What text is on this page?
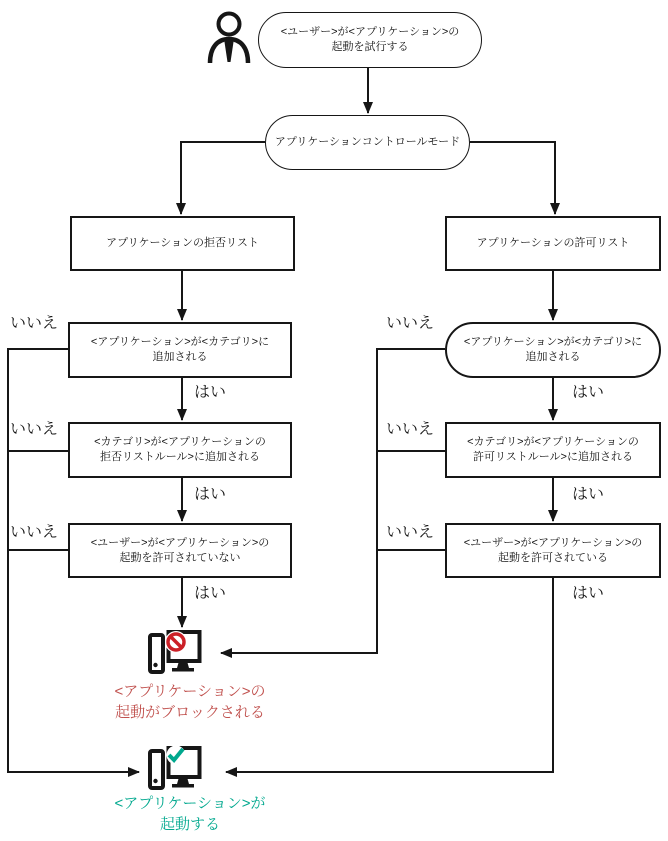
<ユーザー>が<アプリケーション>の
起動を試行する
アプリケーションコントロールモード
アプリケーションの拒否リスト	アプリケーションの許可リスト
<アプリケーション>が<カテゴリ>に
追加される
<カテゴリ>が<アプリケーションの
拒否リストルール>に追加される
<ユーザー>が<アプリケーション>の
起動を許可されていない
<アプリケーション>が<カテゴリ>に
追加される
<カテゴリ>が<アプリケーションの
許可リストルール>に追加される
<ユーザー>が<アプリケーション>の
起動を許可されている
はい
はい
はい
はい
はい
はい
いいえ
いいえ
いいえ
いいえ
いいえ
いいえ
<アプリケーション>の
起動がブロックされる
<アプリケーション>が
起動する
